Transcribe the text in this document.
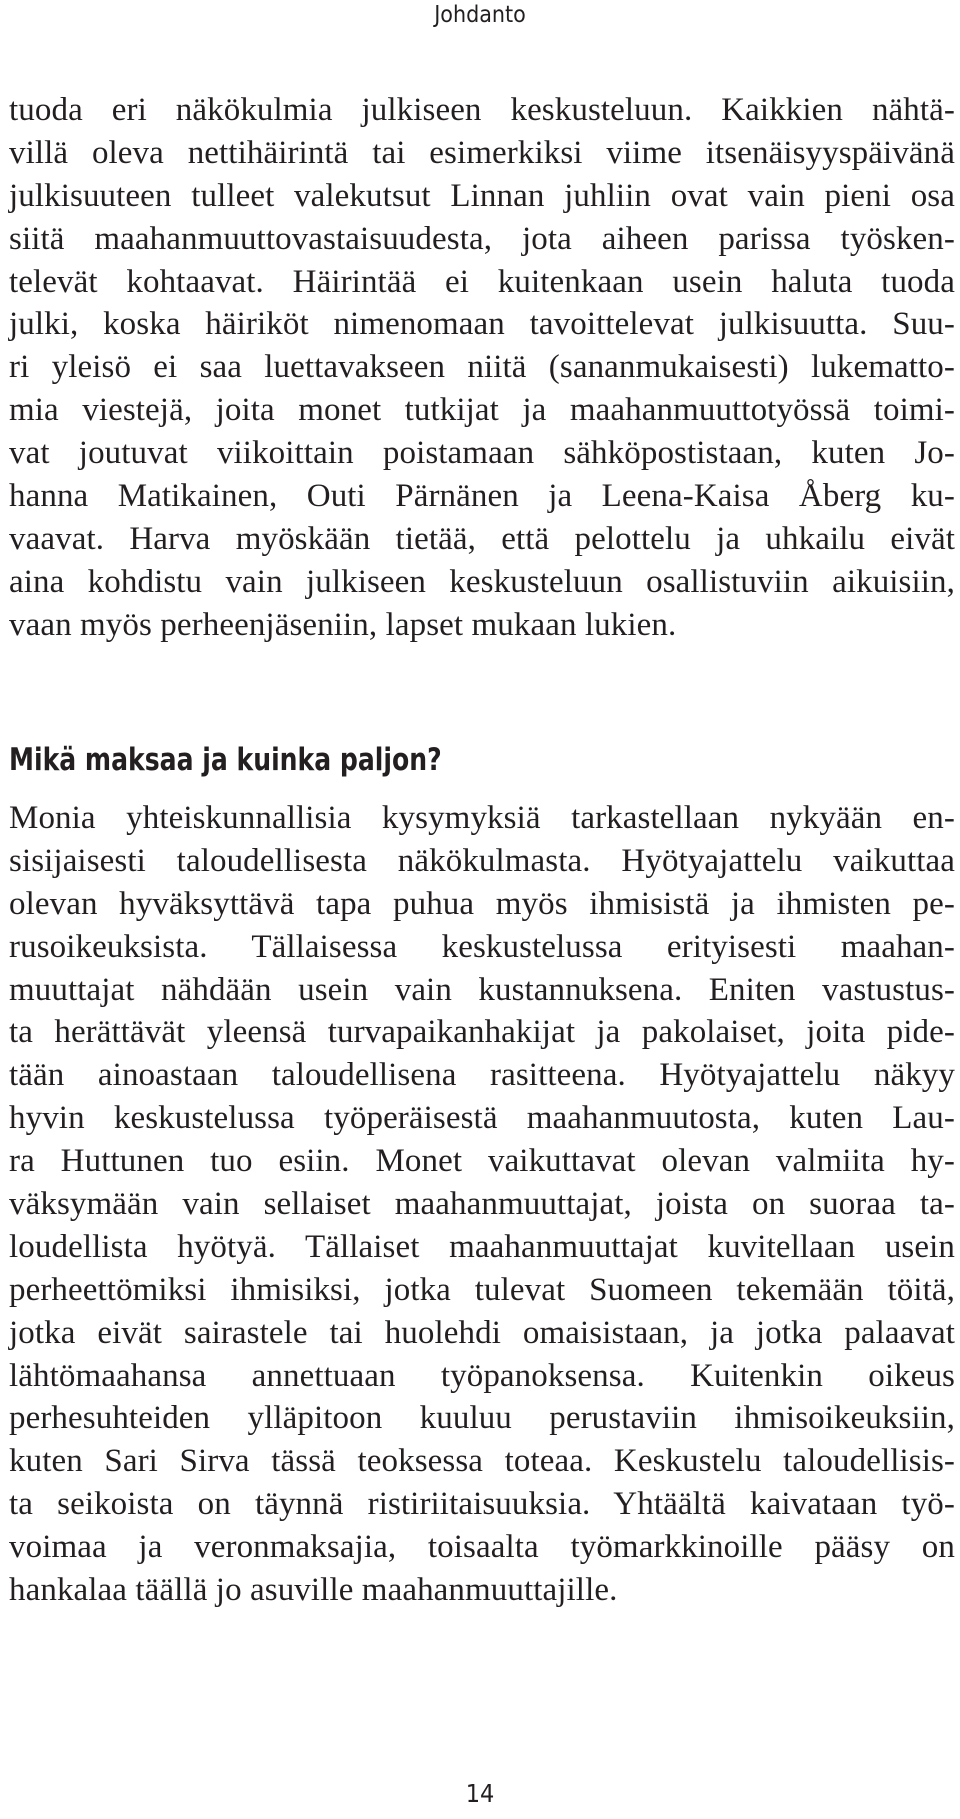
Johdanto
tuoda eri näkökulmia julkiseen keskusteluun. Kaikkien nähtä-
villä oleva nettihäirintä tai esimerkiksi viime itsenäisyyspäivänä
julkisuuteen tulleet valekutsut Linnan juhliin ovat vain pieni osa
siitä maahanmuuttovastaisuudesta, jota aiheen parissa työsken-
televät kohtaavat. Häirintää ei kuitenkaan usein haluta tuoda
julki, koska häiriköt nimenomaan tavoittelevat julkisuutta. Suu-
ri yleisö ei saa luettavakseen niitä (sananmukaisesti) lukematto-
mia viestejä, joita monet tutkijat ja maahanmuuttotyössä toimi-
vat joutuvat viikoittain poistamaan sähköpostistaan, kuten Jo-
hanna Matikainen, Outi Pärnänen ja Leena-Kaisa Åberg ku-
vaavat. Harva myöskään tietää, että pelottelu ja uhkailu eivät
aina kohdistu vain julkiseen keskusteluun osallistuviin aikuisiin,
vaan myös perheenjäseniin, lapset mukaan lukien.
Mikä maksaa ja kuinka paljon?
Monia yhteiskunnallisia kysymyksiä tarkastellaan nykyään en-
sisijaisesti taloudellisesta näkökulmasta. Hyötyajattelu vaikuttaa
olevan hyväksyttävä tapa puhua myös ihmisistä ja ihmisten pe-
rusoikeuksista. Tällaisessa keskustelussa erityisesti maahan-
muuttajat nähdään usein vain kustannuksena. Eniten vastustus-
ta herättävät yleensä turvapaikanhakijat ja pakolaiset, joita pide-
tään ainoastaan taloudellisena rasitteena. Hyötyajattelu näkyy
hyvin keskustelussa työperäisestä maahanmuutosta, kuten Lau-
ra Huttunen tuo esiin. Monet vaikuttavat olevan valmiita hy-
väksymään vain sellaiset maahanmuuttajat, joista on suoraa ta-
loudellista hyötyä. Tällaiset maahanmuuttajat kuvitellaan usein
perheettömiksi ihmisiksi, jotka tulevat Suomeen tekemään töitä,
jotka eivät sairastele tai huolehdi omaisistaan, ja jotka palaavat
lähtömaahansa annettuaan työpanoksensa. Kuitenkin oikeus
perhesuhteiden ylläpitoon kuuluu perustaviin ihmisoikeuksiin,
kuten Sari Sirva tässä teoksessa toteaa. Keskustelu taloudellisis-
ta seikoista on täynnä ristiriitaisuuksia. Yhtäältä kaivataan työ-
voimaa ja veronmaksajia, toisaalta työmarkkinoille pääsy on
hankalaa täällä jo asuville maahanmuuttajille.
14
